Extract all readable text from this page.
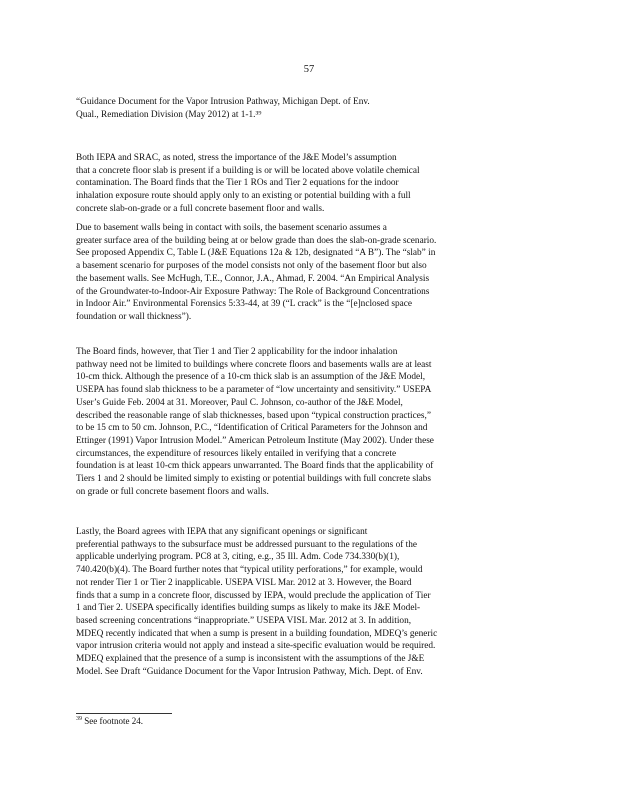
57
“Guidance Document for the Vapor Intrusion Pathway, Michigan Dept. of Env.
Qual., Remediation Division (May 2012) at 1-1.³⁹
Both IEPA and SRAC, as noted, stress the importance of the J&E Model’s assumption
that a concrete floor slab is present if a building is or will be located above volatile chemical
contamination. The Board finds that the Tier 1 ROs and Tier 2 equations for the indoor
inhalation exposure route should apply only to an existing or potential building with a full
concrete slab-on-grade or a full concrete basement floor and walls.
Due to basement walls being in contact with soils, the basement scenario assumes a
greater surface area of the building being at or below grade than does the slab-on-grade scenario.
See proposed Appendix C, Table L (J&E Equations 12a & 12b, designated “A B”). The “slab” in
a basement scenario for purposes of the model consists not only of the basement floor but also
the basement walls. See McHugh, T.E., Connor, J.A., Ahmad, F. 2004. “An Empirical Analysis
of the Groundwater-to-Indoor-Air Exposure Pathway: The Role of Background Concentrations
in Indoor Air.” Environmental Forensics 5:33-44, at 39 (“L crack” is the “[e]nclosed space
foundation or wall thickness”).
The Board finds, however, that Tier 1 and Tier 2 applicability for the indoor inhalation
pathway need not be limited to buildings where concrete floors and basements walls are at least
10-cm thick. Although the presence of a 10-cm thick slab is an assumption of the J&E Model,
USEPA has found slab thickness to be a parameter of “low uncertainty and sensitivity.” USEPA
User’s Guide Feb. 2004 at 31. Moreover, Paul C. Johnson, co-author of the J&E Model,
described the reasonable range of slab thicknesses, based upon “typical construction practices,”
to be 15 cm to 50 cm. Johnson, P.C., “Identification of Critical Parameters for the Johnson and
Ettinger (1991) Vapor Intrusion Model.” American Petroleum Institute (May 2002). Under these
circumstances, the expenditure of resources likely entailed in verifying that a concrete
foundation is at least 10-cm thick appears unwarranted. The Board finds that the applicability of
Tiers 1 and 2 should be limited simply to existing or potential buildings with full concrete slabs
on grade or full concrete basement floors and walls.
Lastly, the Board agrees with IEPA that any significant openings or significant
preferential pathways to the subsurface must be addressed pursuant to the regulations of the
applicable underlying program. PC8 at 3, citing, e.g., 35 Ill. Adm. Code 734.330(b)(1),
740.420(b)(4). The Board further notes that “typical utility perforations,” for example, would
not render Tier 1 or Tier 2 inapplicable. USEPA VISL Mar. 2012 at 3. However, the Board
finds that a sump in a concrete floor, discussed by IEPA, would preclude the application of Tier
1 and Tier 2. USEPA specifically identifies building sumps as likely to make its J&E Model-
based screening concentrations “inappropriate.” USEPA VISL Mar. 2012 at 3. In addition,
MDEQ recently indicated that when a sump is present in a building foundation, MDEQ’s generic
vapor intrusion criteria would not apply and instead a site-specific evaluation would be required.
MDEQ explained that the presence of a sump is inconsistent with the assumptions of the J&E
Model. See Draft “Guidance Document for the Vapor Intrusion Pathway, Mich. Dept. of Env.
$^{39}$ See footnote 24.
